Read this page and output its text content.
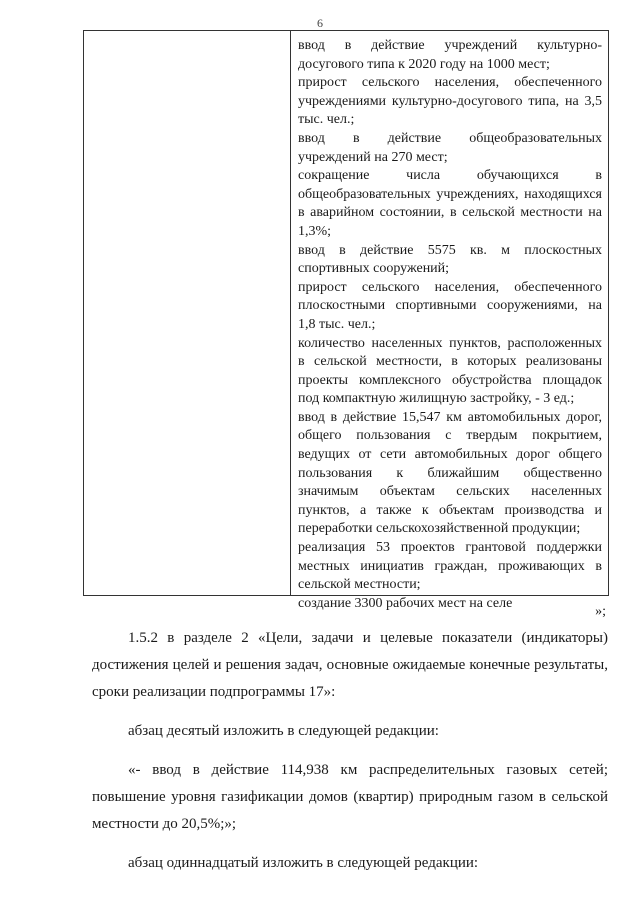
6

ввод в действие учреждений культурно-досугового типа к 2020 году на 1000 мест;

прирост сельского населения, обеспеченного учреждениями культурно-досугового типа, на 3,5 тыс. чел.;

ввод в действие общеобразовательных учреждений на 270 мест;

сокращение числа обучающихся в общеобразовательных учреждениях, находящихся в аварийном состоянии, в сельской местности на 1,3%;

ввод в действие 5575 кв. м плоскостных спортивных сооружений;

прирост сельского населения, обеспеченного плоскостными спортивными сооружениями, на 1,8 тыс. чел.;

количество населенных пунктов, расположенных в сельской местности, в которых реализованы проекты комплексного обустройства площадок под компактную жилищную застройку, - 3 ед.;

ввод в действие 15,547 км автомобильных дорог, общего пользования с твердым покрытием, ведущих от сети автомобильных дорог общего пользования к ближайшим общественно значимым объектам сельских населенных пунктов, а также к объектам производства и переработки сельскохозяйственной продукции;

реализация 53 проектов грантовой поддержки местных инициатив граждан, проживающих в сельской местности;

создание 3300 рабочих мест на селе

»;

1.5.2 в разделе 2 «Цели, задачи и целевые показатели (индикаторы) достижения целей и решения задач, основные ожидаемые конечные результаты, сроки реализации подпрограммы 17»:

абзац десятый изложить в следующей редакции:

«- ввод в действие 114,938 км распределительных газовых сетей; повышение уровня газификации домов (квартир) природным газом в сельской местности до 20,5%;»;

абзац одиннадцатый изложить в следующей редакции:
